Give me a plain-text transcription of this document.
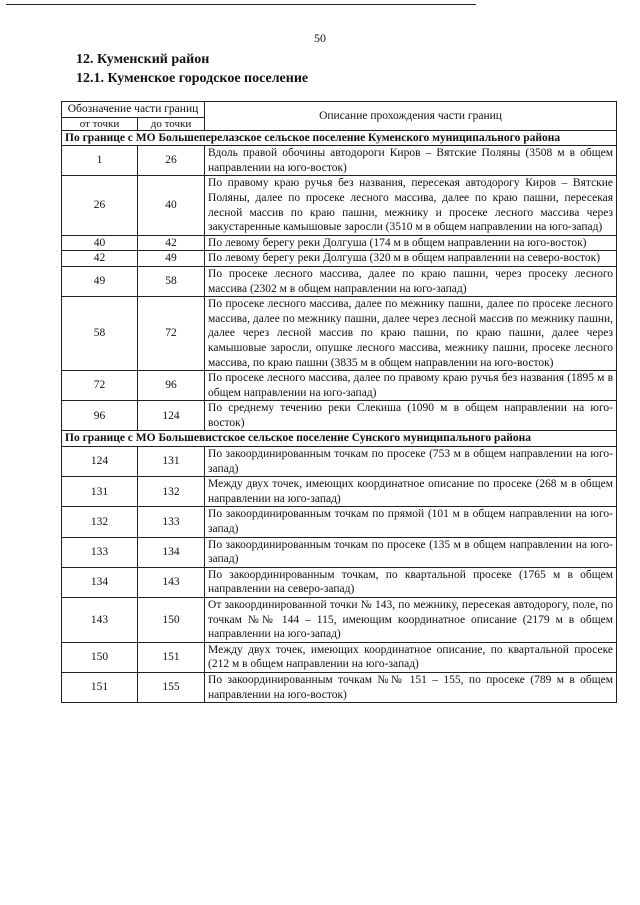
50
12. Куменский район
12.1. Куменское городское поселение
Обозначение части границ		Описание прохождения части границ
от точки	до точки	
По границе с МО Большеперелазское сельское поселение Куменского муниципального района		
1	26	Вдоль правой обочины автодороги Киров – Вятские Поляны (3508 м в общем направлении на юго-восток)
26	40	По правому краю ручья без названия, пересекая автодорогу Киров – Вятские Поляны, далее по просеке лесного массива, далее по краю пашни, пересекая лесной массив по краю пашни, межнику и просеке лесного массива через закустаренные камышовые заросли (3510 м в общем направлении на юго-запад)
40	42	По левому берегу реки Долгуша (174 м в общем направлении на юго-восток)
42	49	По левому берегу реки Долгуша (320 м в общем направлении на северо-восток)
49	58	По просеке лесного массива, далее по краю пашни, через просеку лесного массива (2302 м в общем направлении на юго-запад)
58	72	По просеке лесного массива, далее по межнику пашни, далее по просеке лесного массива, далее по межнику пашни, далее через лесной массив по межнику пашни, далее через лесной массив по краю пашни, по краю пашни, далее через камышовые заросли, опушке лесного массива, межнику пашни, просеке лесного массива, по краю пашни (3835 м в общем направлении на юго-восток)
72	96	По просеке лесного массива, далее по правому краю ручья без названия (1895 м в общем направлении на юго-запад)
96	124	По среднему течению реки Слекиша (1090 м в общем направлении на юго-восток)
По границе с МО Большевистское сельское поселение Сунского муниципального района		
124	131	По закоординированным точкам по просеке (753 м в общем направлении на юго-запад)
131	132	Между двух точек, имеющих координатное описание по просеке (268 м в общем направлении на юго-запад)
132	133	По закоординированным точкам по прямой (101 м в общем направлении на юго-запад)
133	134	По закоординированным точкам по просеке (135 м в общем направлении на юго-запад)
134	143	По закоординированным точкам, по квартальной просеке (1765 м в общем направлении на северо-запад)
143	150	От закоординированной точки № 143, по межнику, пересекая автодорогу, поле, по точкам №№ 144 – 115, имеющим координатное описание (2179 м в общем направлении на юго-запад)
150	151	Между двух точек, имеющих координатное описание, по квартальной просеке (212 м в общем направлении на юго-запад)
151	155	По закоординированным точкам №№ 151 – 155, по просеке (789 м в общем направлении на юго-восток)
